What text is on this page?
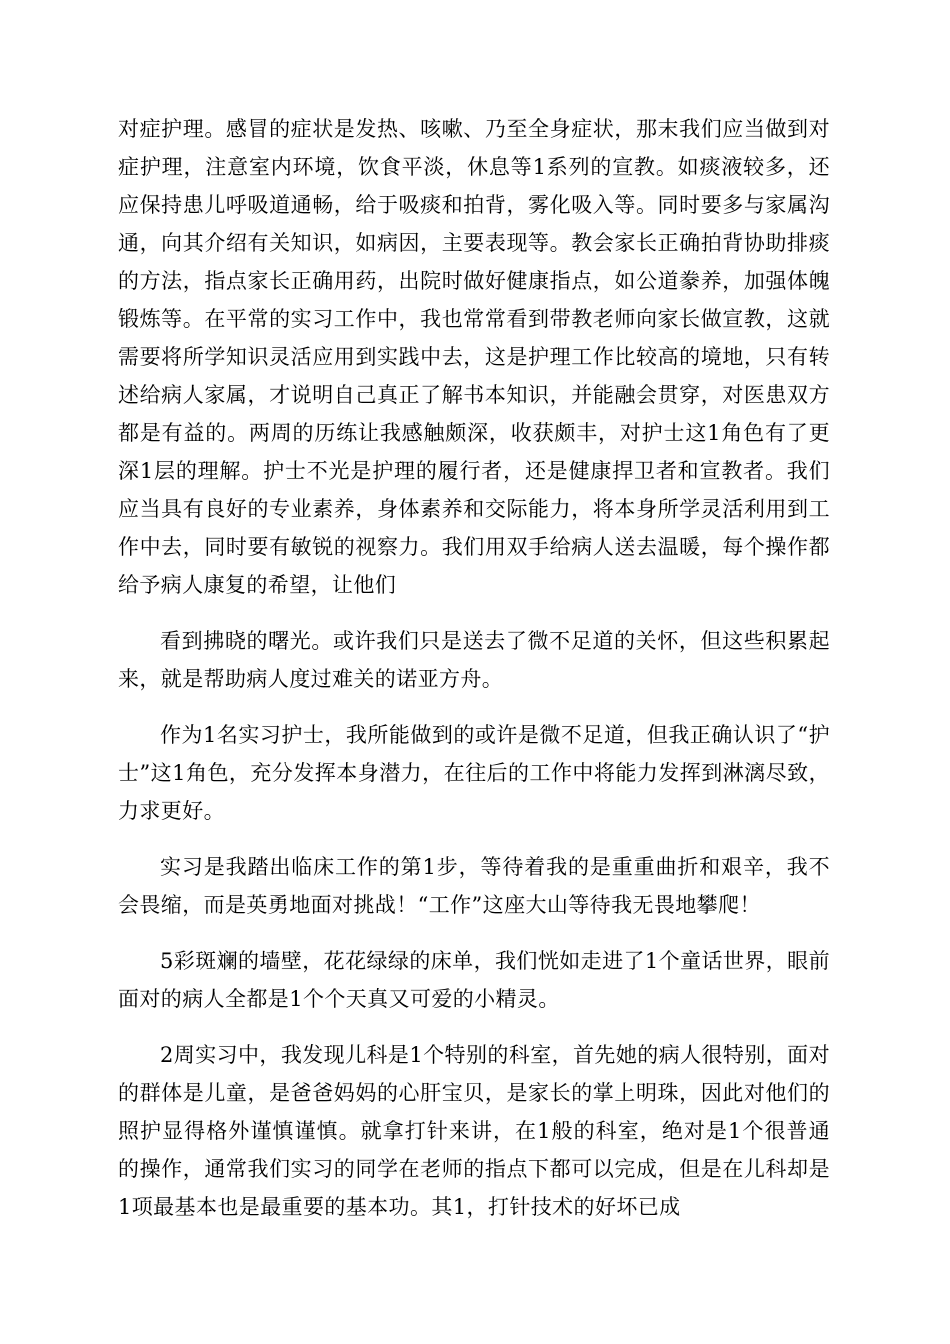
对症护理。感冒的症状是发热、咳嗽、乃至全身症状，那末我们应当做到对症护理，注意室内环境，饮食平淡，休息等1系列的宣教。如痰液较多，还应保持患儿呼吸道通畅，给于吸痰和拍背，雾化吸入等。同时要多与家属沟通，向其介绍有关知识，如病因，主要表现等。教会家长正确拍背协助排痰的方法，指点家长正确用药，出院时做好健康指点，如公道豢养，加强体魄锻炼等。在平常的实习工作中，我也常常看到带教老师向家长做宣教，这就需要将所学知识灵活应用到实践中去，这是护理工作比较高的境地，只有转述给病人家属，才说明自己真正了解书本知识，并能融会贯穿，对医患双方都是有益的。两周的历练让我感触颇深，收获颇丰，对护士这1角色有了更深1层的理解。护士不光是护理的履行者，还是健康捍卫者和宣教者。我们应当具有良好的专业素养，身体素养和交际能力，将本身所学灵活利用到工作中去，同时要有敏锐的视察力。我们用双手给病人送去温暖，每个操作都给予病人康复的希望，让他们

看到拂晓的曙光。或许我们只是送去了微不足道的关怀，但这些积累起来，就是帮助病人度过难关的诺亚方舟。

作为1名实习护士，我所能做到的或许是微不足道，但我正确认识了“护士”这1角色，充分发挥本身潜力，在往后的工作中将能力发挥到淋漓尽致，力求更好。

实习是我踏出临床工作的第1步，等待着我的是重重曲折和艰辛，我不会畏缩，而是英勇地面对挑战！“工作”这座大山等待我无畏地攀爬！

5彩斑斓的墙壁，花花绿绿的床单，我们恍如走进了1个童话世界，眼前面对的病人全都是1个个天真又可爱的小精灵。

2周实习中，我发现儿科是1个特别的科室，首先她的病人很特别，面对的群体是儿童，是爸爸妈妈的心肝宝贝，是家长的掌上明珠，因此对他们的照护显得格外谨慎谨慎。就拿打针来讲，在1般的科室，绝对是1个很普通的操作，通常我们实习的同学在老师的指点下都可以完成，但是在儿科却是1项最基本也是最重要的基本功。其1，打针技术的好坏已成
